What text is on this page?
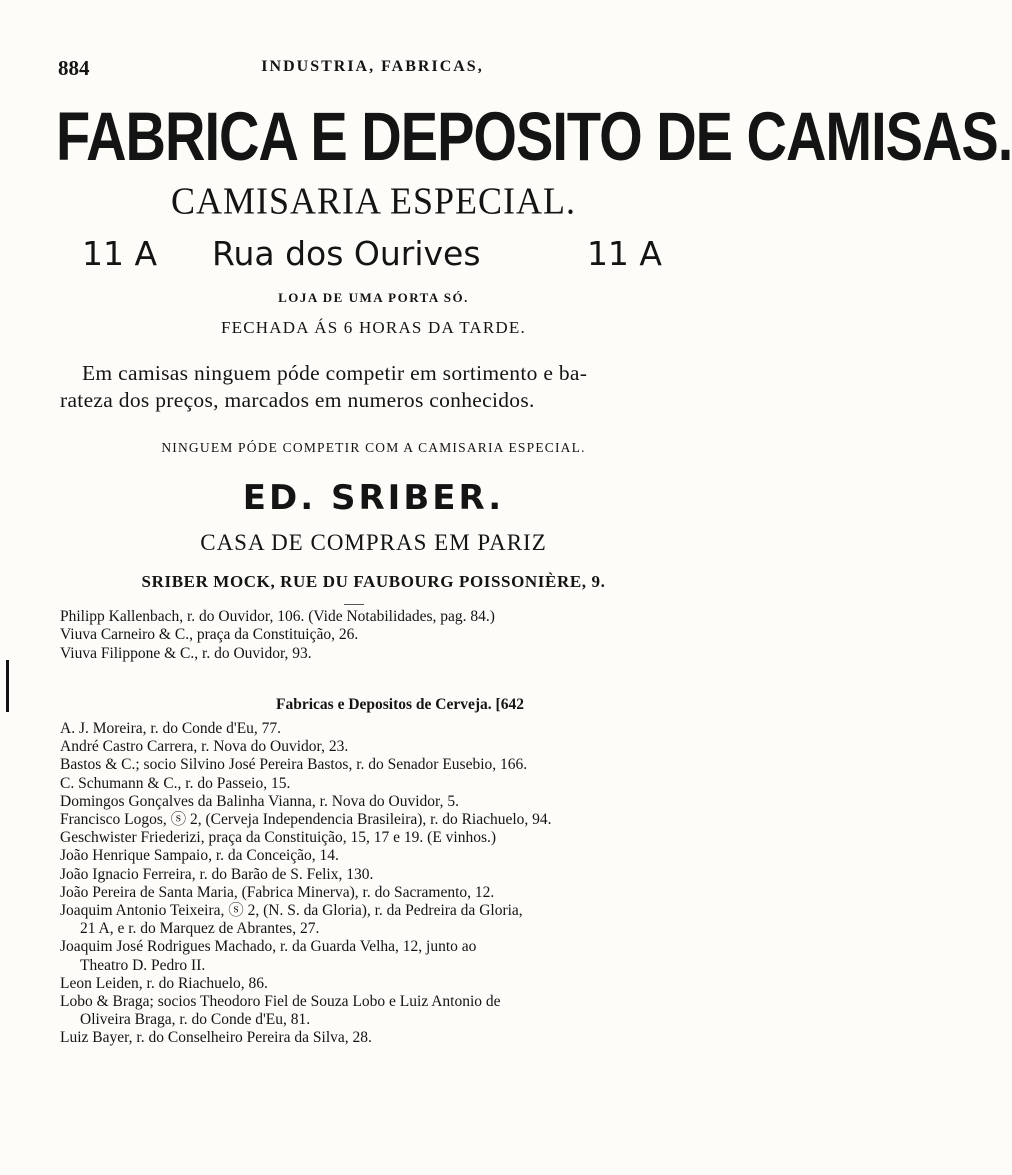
884	INDUSTRIA, FABRICAS,
FABRICA E DEPOSITO DE CAMISAS.
CAMISARIA ESPECIAL.
11 A Rua dos Ourives	11 A
LOJA DE UMA PORTA SÓ.
FECHADA ÁS 6 HORAS DA TARDE.
Em camisas ninguem póde competir em sortimento e ba-
rateza dos preços, marcados em numeros conhecidos.
NINGUEM PÓDE COMPETIR COM A CAMISARIA ESPECIAL.
ED. SRIBER.
CASA DE COMPRAS EM PARIZ
SRIBER MOCK, RUE DU FAUBOURG POISSONIÈRE, 9.
Philipp Kallenbach, r. do Ouvidor, 106. (Vide Notabilidades, pag. 84.)
Viuva Carneiro & C., praça da Constituição, 26.
Viuva Filippone & C., r. do Ouvidor, 93.
Fabricas e Depositos de Cerveja. [642
A. J. Moreira, r. do Conde d'Eu, 77.
André Castro Carrera, r. Nova do Ouvidor, 23.
Bastos & C.; socio Silvino José Pereira Bastos, r. do Senador Eusebio, 166.
C. Schumann & C., r. do Passeio, 15.
Domingos Gonçalves da Balinha Vianna, r. Nova do Ouvidor, 5.
Francisco Logos, ⓢ 2, (Cerveja Independencia Brasileira), r. do Riachuelo, 94.
Geschwister Friederizi, praça da Constituição, 15, 17 e 19. (E vinhos.)
João Henrique Sampaio, r. da Conceição, 14.
João Ignacio Ferreira, r. do Barão de S. Felix, 130.
João Pereira de Santa Maria, (Fabrica Minerva), r. do Sacramento, 12.
Joaquim Antonio Teixeira, ⓢ 2, (N. S. da Gloria), r. da Pedreira da Gloria,
21 A, e r. do Marquez de Abrantes, 27.
Joaquim José Rodrigues Machado, r. da Guarda Velha, 12, junto ao
Theatro D. Pedro II.
Leon Leiden, r. do Riachuelo, 86.
Lobo & Braga; socios Theodoro Fiel de Souza Lobo e Luiz Antonio de
Oliveira Braga, r. do Conde d'Eu, 81.
Luiz Bayer, r. do Conselheiro Pereira da Silva, 28.
